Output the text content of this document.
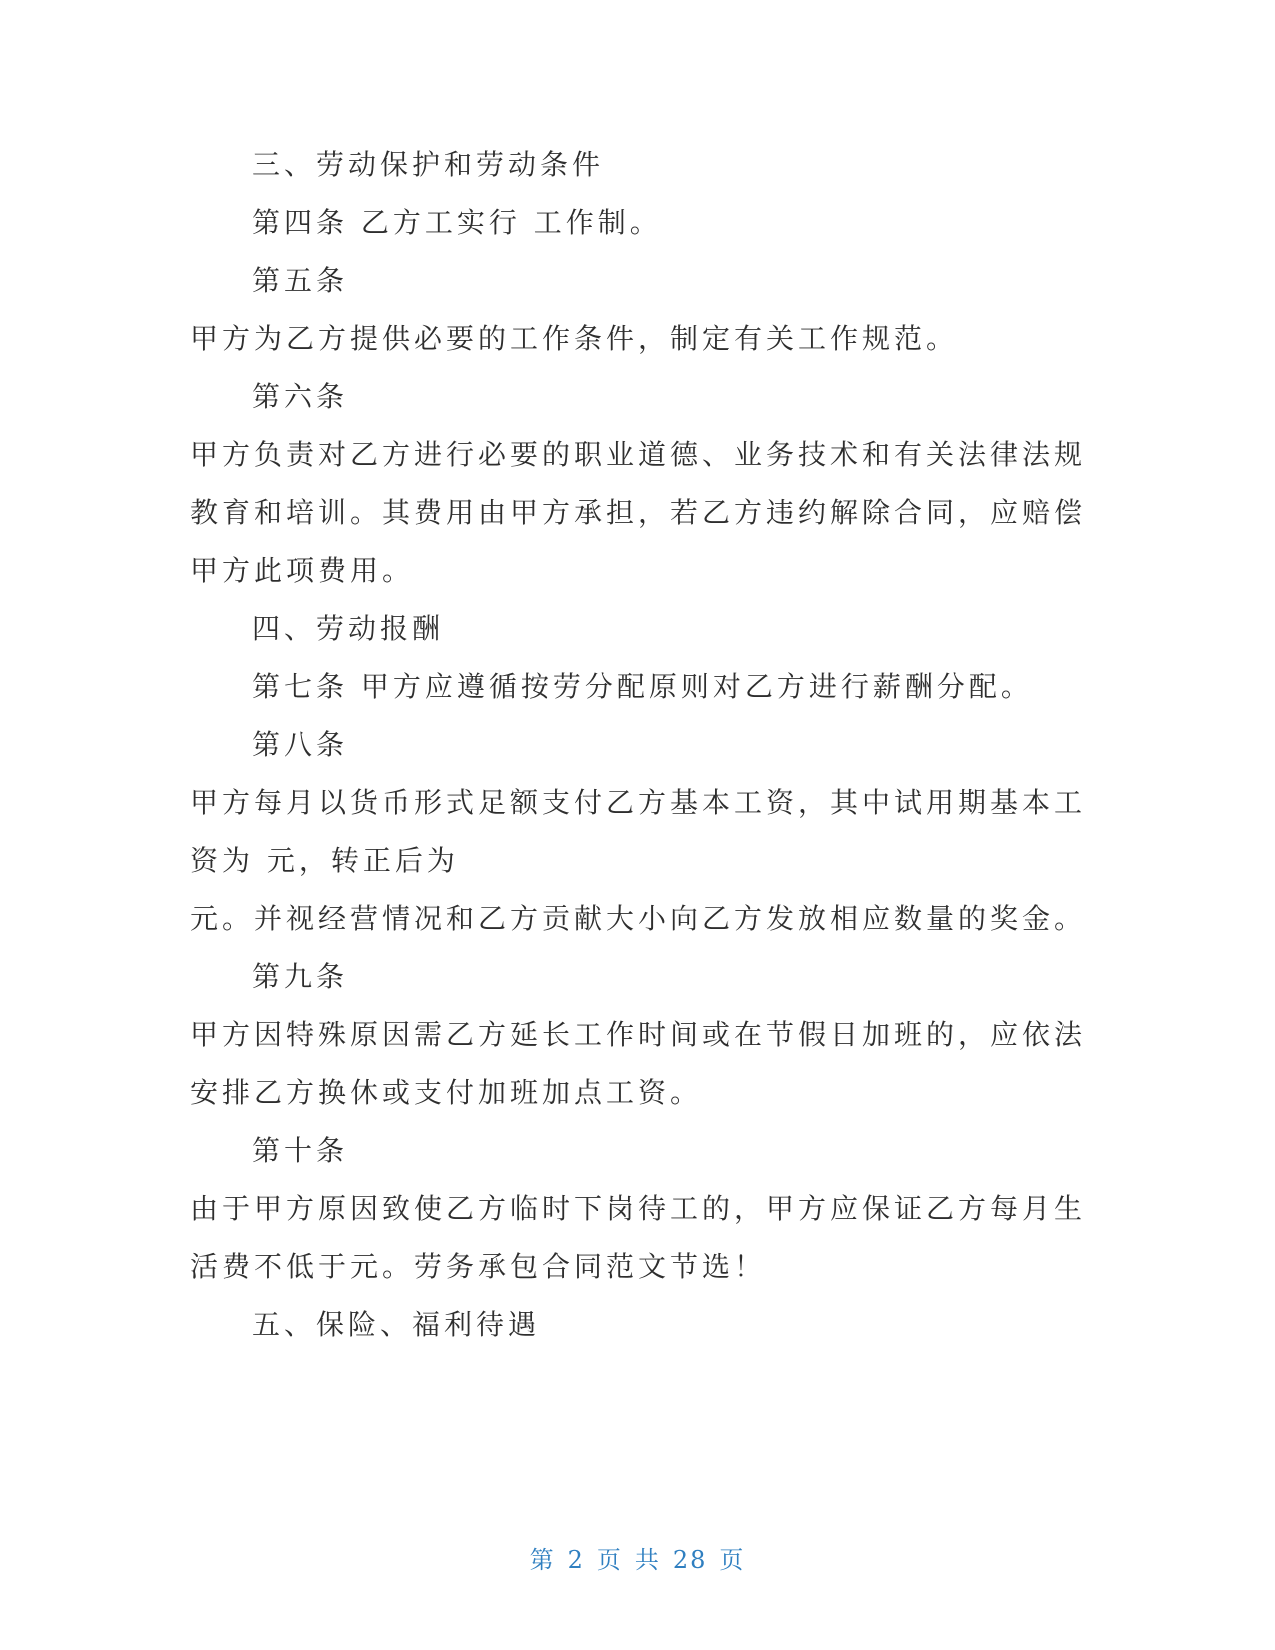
三、劳动保护和劳动条件
第四条 乙方工实行 工作制。
第五条
甲方为乙方提供必要的工作条件，制定有关工作规范。
第六条
甲方负责对乙方进行必要的职业道德、业务技术和有关法律法规
教育和培训。其费用由甲方承担，若乙方违约解除合同，应赔偿
甲方此项费用。
四、劳动报酬
第七条 甲方应遵循按劳分配原则对乙方进行薪酬分配。
第八条
甲方每月以货币形式足额支付乙方基本工资，其中试用期基本工
资为 元，转正后为
元。并视经营情况和乙方贡献大小向乙方发放相应数量的奖金。
第九条
甲方因特殊原因需乙方延长工作时间或在节假日加班的，应依法
安排乙方换休或支付加班加点工资。
第十条
由于甲方原因致使乙方临时下岗待工的，甲方应保证乙方每月生
活费不低于元。劳务承包合同范文节选！
五、保险、福利待遇
第 2 页 共 28 页
